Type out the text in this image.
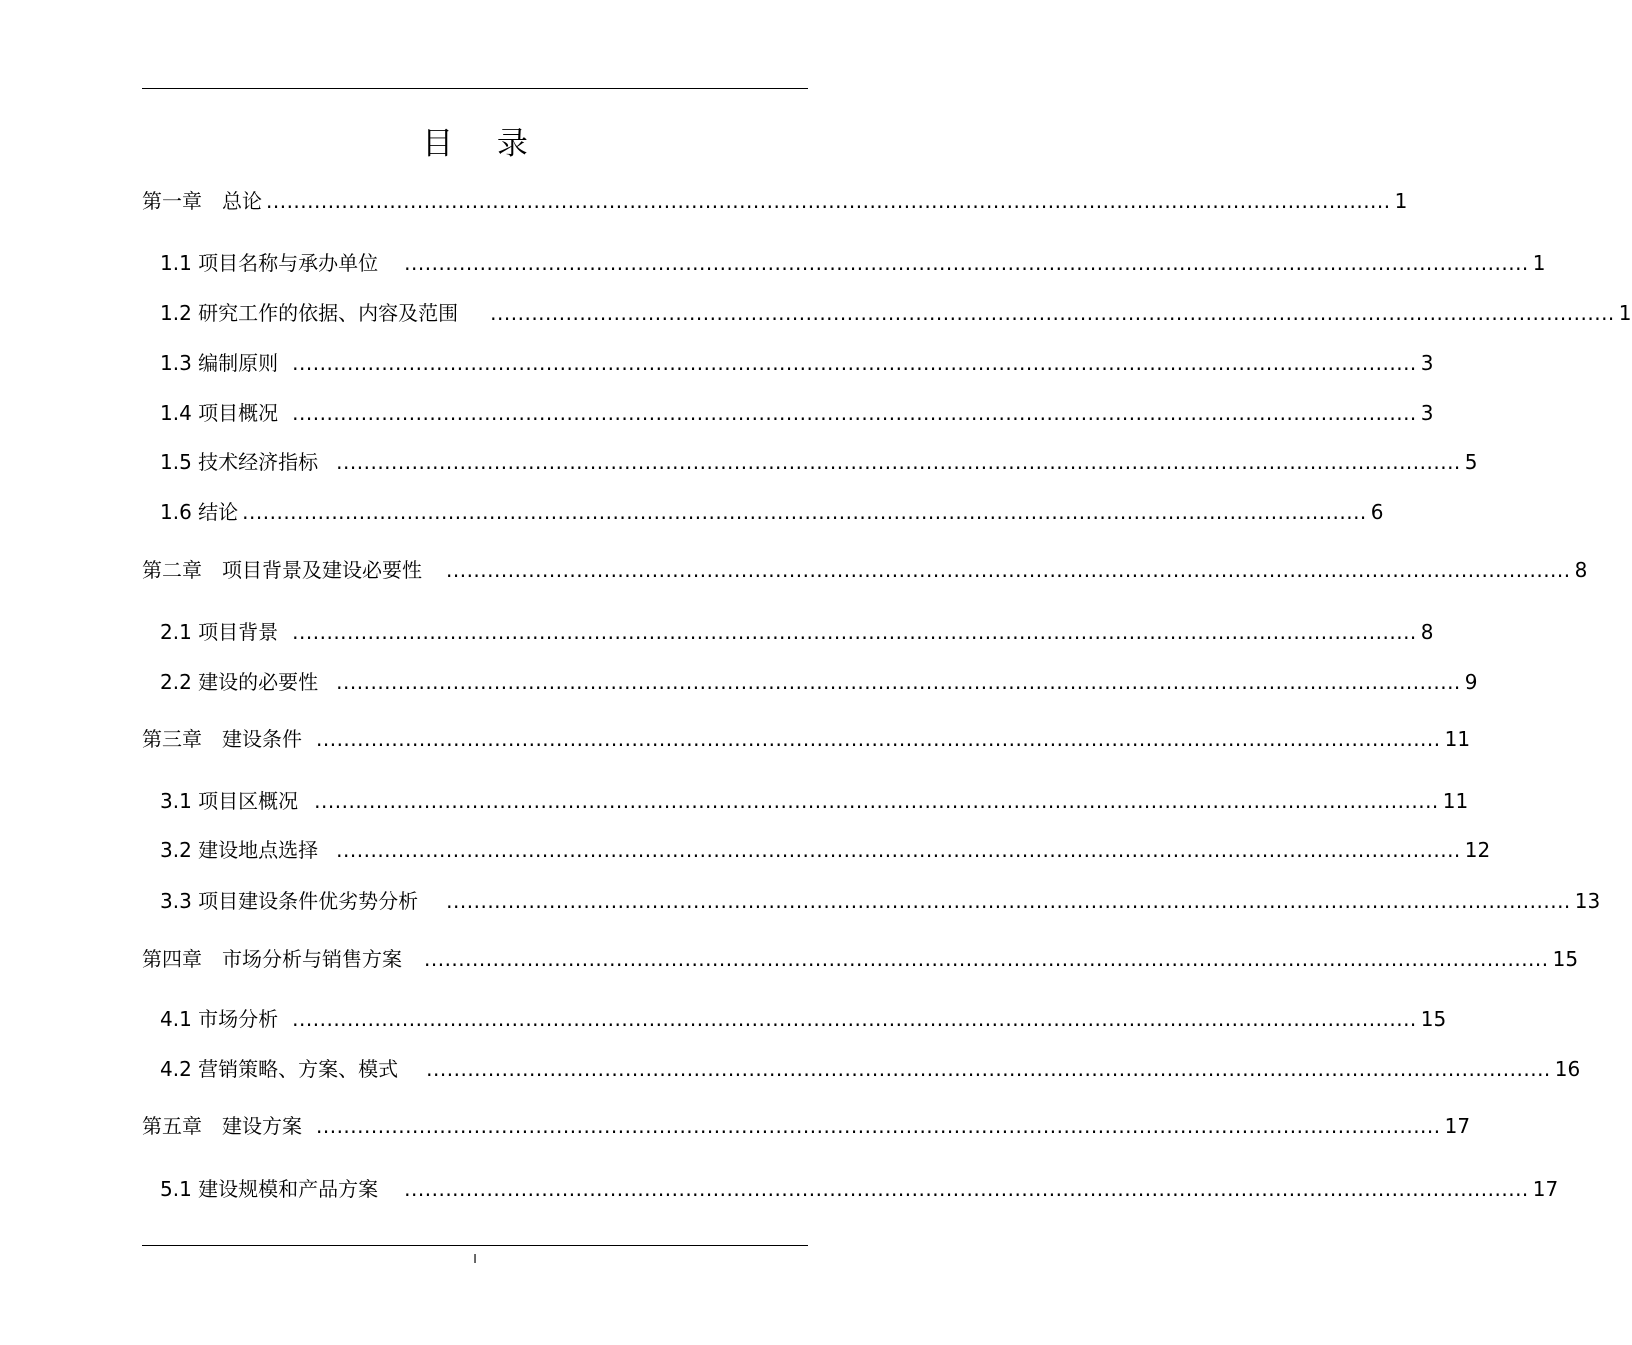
目 录
第一章　总论 .................................................................................................................................................................... 1
1.1 项目名称与承办单位 .................................................................................................................................................................... 1
1.2 研究工作的依据、内容及范围 .................................................................................................................................................................... 1
1.3 编制原则 .................................................................................................................................................................... 3
1.4 项目概况 .................................................................................................................................................................... 3
1.5 技术经济指标 .................................................................................................................................................................... 5
1.6 结论 .................................................................................................................................................................... 6
第二章　项目背景及建设必要性 .................................................................................................................................................................... 8
2.1 项目背景 .................................................................................................................................................................... 8
2.2 建设的必要性 .................................................................................................................................................................... 9
第三章　建设条件 .................................................................................................................................................................... 11
3.1 项目区概况 .................................................................................................................................................................... 11
3.2 建设地点选择 .................................................................................................................................................................... 12
3.3 项目建设条件优劣势分析 .................................................................................................................................................................... 13
第四章　市场分析与销售方案 .................................................................................................................................................................... 15
4.1 市场分析 .................................................................................................................................................................... 15
4.2 营销策略、方案、模式 .................................................................................................................................................................... 16
第五章　建设方案 .................................................................................................................................................................... 17
5.1 建设规模和产品方案 .................................................................................................................................................................... 17
I
